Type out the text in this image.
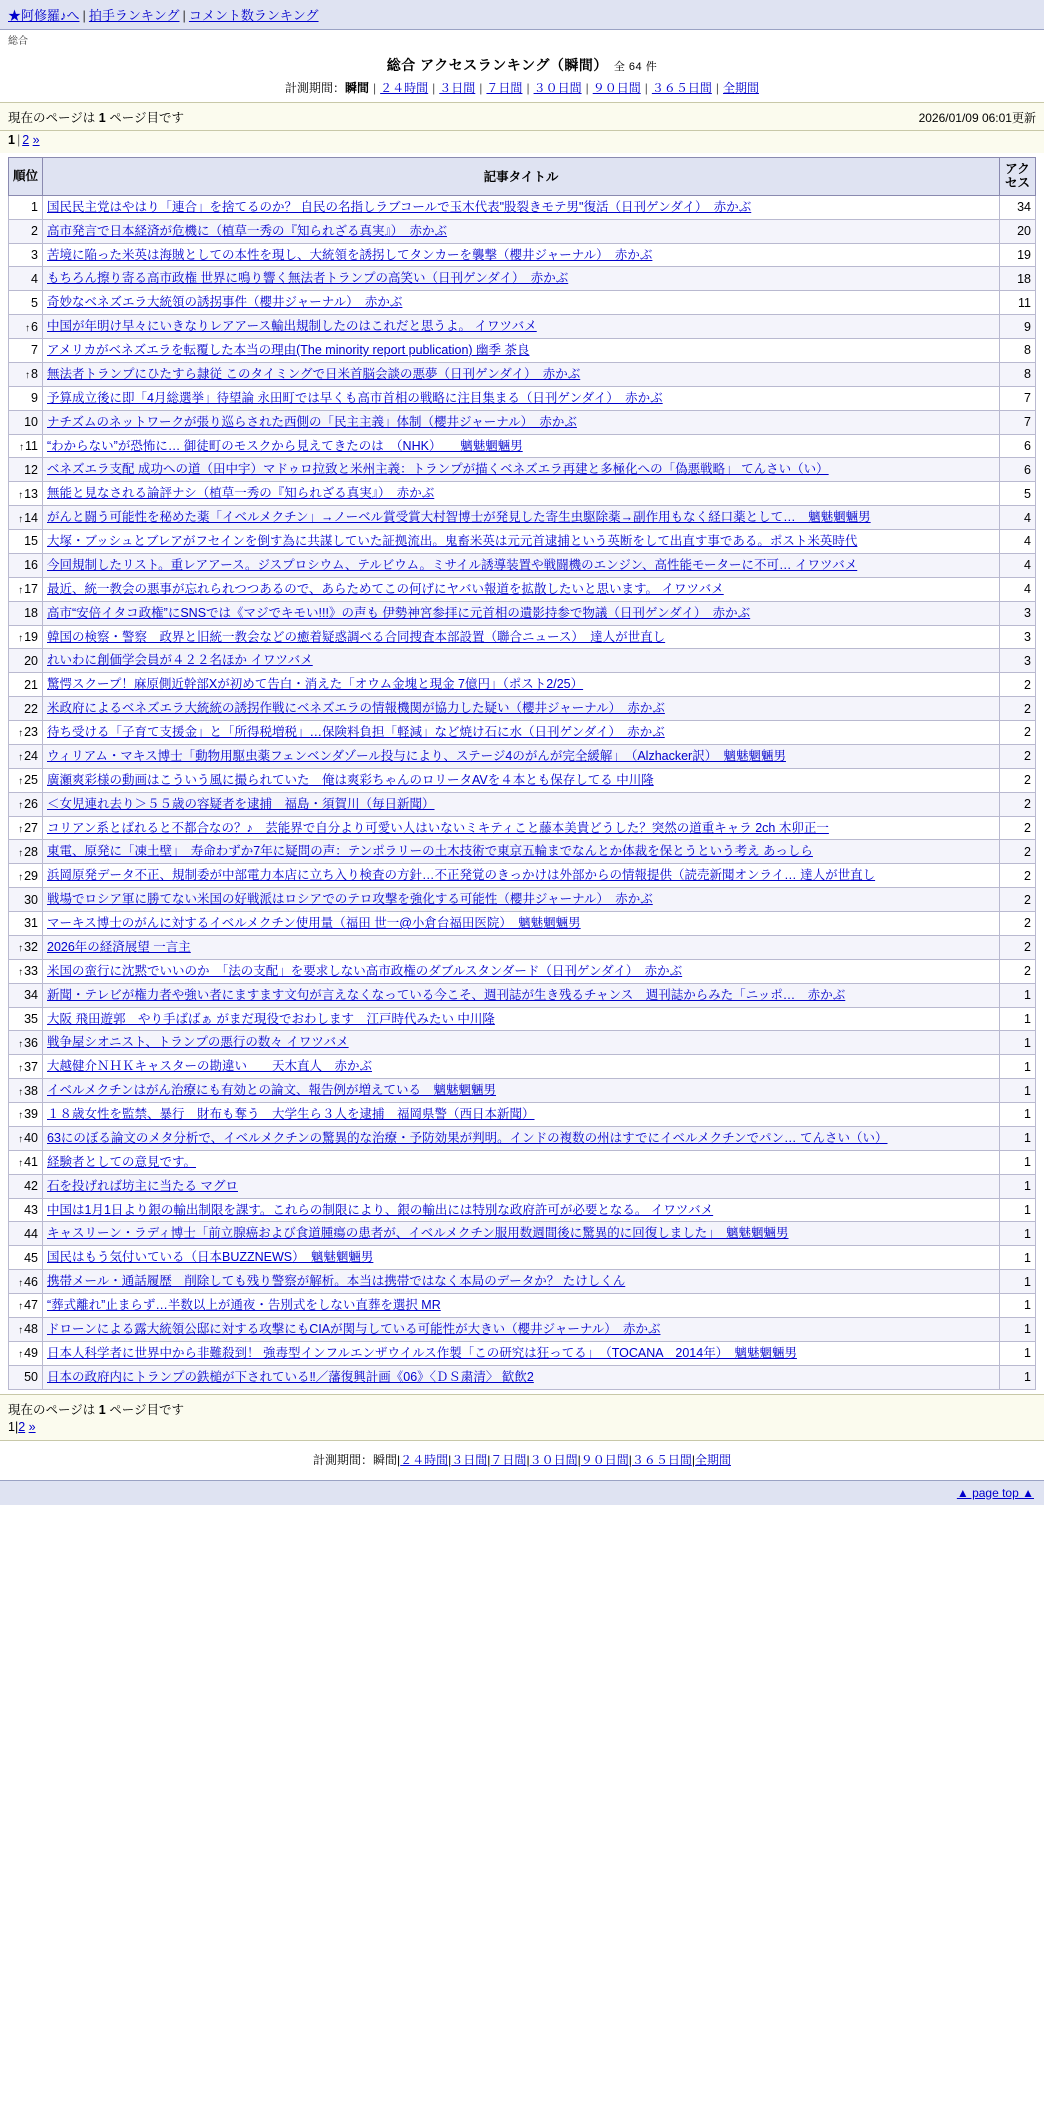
★阿修羅♪へ | 拍手ランキング | コメント数ランキング
総合
総合 アクセスランキング（瞬間） 全 64 件
計測期間：瞬間 | ２４時間 | ３日間 | ７日間 | ３０日間 | ９０日間 | ３６５日間 | 全期間
現在のページは 1 ページ目です	2026/01/09 06:01更新
1 | 2 »
順位	記事タイトル	アクセス
1	国民民主党はやはり「連合」を捨てるのか？ 自民の名指しラブコールで玉木代表"股裂きモテ男"復活（日刊ゲンダイ）　赤かぶ	34
2	高市発言で日本経済が危機に（植草一秀の『知られざる真実』）　赤かぶ	20
3	苦境に陥った米英は海賊としての本性を現し、大統領を誘拐してタンカーを襲撃（櫻井ジャーナル）　赤かぶ	19
4	もちろん擦り寄る高市政権 世界に鳴り響く無法者トランプの高笑い（日刊ゲンダイ）　赤かぶ	18
5	奇妙なベネズエラ大統領の誘拐事件（櫻井ジャーナル）　赤かぶ	11
↑6	中国が年明け早々にいきなりレアアース輸出規制したのはこれだと思うよ。 イワツバメ	9
7	アメリカがベネズエラを転覆した本当の理由(The minority report publication) 幽季 茶良	8
↑8	無法者トランプにひたすら隷従 このタイミングで日米首脳会談の悪夢（日刊ゲンダイ）　赤かぶ	8
9	予算成立後に即「4月総選挙」待望論 永田町では早くも高市首相の戦略に注目集まる（日刊ゲンダイ）　赤かぶ	7
10	ナチズムのネットワークが張り巡らされた西側の「民主主義」体制（櫻井ジャーナル）　赤かぶ	7
↑11	“わからない”が恐怖に… 御徒町のモスクから見えてきたのは　（NHK）　　魑魅魍魎男	6
12	ベネズエラ支配 成功への道（田中宇）マドゥロ拉致と米州主義：トランプが描くベネズエラ再建と多極化への「偽悪戦略」 てんさい（い）	6
↑13	無能と見なされる論評ナシ（植草一秀の『知られざる真実』）　赤かぶ	5
↑14	がんと闘う可能性を秘めた薬「イベルメクチン」→ノーベル賞受賞大村智博士が発見した寄生虫駆除薬→副作用もなく経口薬として…　魑魅魍魎男	4
15	大塚・ブッシュとブレアがフセインを倒す為に共謀していた証拠流出。鬼畜米英は元元首逮捕という英断をして出直す事である。ポスト米英時代	4
16	今回規制したリスト。重レアアース。ジスプロシウム、テルビウム。ミサイル誘導装置や戦闘機のエンジン、高性能モーターに不可… イワツバメ	4
↑17	最近、統一教会の悪事が忘れられつつあるので、あらためてこの何げにヤバい報道を拡散したいと思います。 イワツバメ	4
18	高市“安倍イタコ政権”にSNSでは《マジでキモい!!!》の声も 伊勢神宮参拝に元首相の遺影持参で物議（日刊ゲンダイ）　赤かぶ	3
↑19	韓国の検察・警察　政界と旧統一教会などの癒着疑惑調べる合同捜査本部設置（聯合ニュース）　達人が世直し	3
20	れいわに創価学会員が４２２名ほか イワツバメ	3
21	驚愕スクープ！麻原側近幹部Xが初めて告白・消えた「オウム金塊と現金 7億円」（ポスト2/25）	2
22	米政府によるベネズエラ大統統の誘拐作戦にベネズエラの情報機関が協力した疑い（櫻井ジャーナル）　赤かぶ	2
↑23	待ち受ける「子育て支援金」と「所得税増税」…保険料負担「軽減」など焼け石に水（日刊ゲンダイ）　赤かぶ	2
↑24	ウィリアム・マキス博士「動物用駆虫薬フェンベンダゾール投与により、ステージ4のがんが完全緩解」　（Alzhacker訳）　魑魅魍魎男	2
↑25	廣瀬爽彩様の動画はこういう風に撮られていた＿俺は爽彩ちゃんのロリータAVを４本とも保存してる 中川隆	2
↑26	＜女児連れ去り＞５５歳の容疑者を逮捕　福島・須賀川（毎日新聞）	2
↑27	コリアン系とばれると不都合なの？♪　芸能界で自分より可愛い人はいないミキティこと藤本美貴どうした？突然の道重キャラ 2ch 木卯正一	2
↑28	東電、原発に「凍土壁」　寿命わずか7年に疑問の声：テンポラリーの土木技術で東京五輪までなんとか体裁を保とうという考え あっしら	2
↑29	浜岡原発データ不正、規制委が中部電力本店に立ち入り検査の方針…不正発覚のきっかけは外部からの情報提供（読売新聞オンライ… 達人が世直し	2
30	戦場でロシア軍に勝てない米国の好戦派はロシアでのテロ攻撃を強化する可能性（櫻井ジャーナル）　赤かぶ	2
31	マーキス博士のがんに対するイベルメクチン使用量（福田 世一@小倉台福田医院）　魑魅魍魎男	2
↑32	2026年の経済展望 一言主	2
↑33	米国の蛮行に沈黙でいいのか　「法の支配」を要求しない高市政権のダブルスタンダード（日刊ゲンダイ）　赤かぶ	2
34	新聞・テレビが権力者や強い者にますます文句が言えなくなっている今こそ、週刊誌が生き残るチャンス　週刊誌からみた「ニッポ…　赤かぶ	1
35	大阪 飛田遊郭＿やり手ばばぁ がまだ現役でおわします　江戸時代みたい 中川隆	1
↑36	戦争屋シオニスト、トランプの悪行の数々 イワツバメ	1
↑37	大越健介ＮＨＫキャスターの勘違い　　天木直人　赤かぶ	1
↑38	イベルメクチンはがん治療にも有効との論文、報告例が増えている　魑魅魍魎男	1
↑39	１８歳女性を監禁、暴行　財布も奪う　大学生ら３人を逮捕　福岡県警（西日本新聞）	1
↑40	63にのぼる論文のメタ分析で、イベルメクチンの驚異的な治療・予防効果が判明。インドの複数の州はすでにイベルメクチンでパン… てんさい（い）	1
↑41	経験者としての意見です。	1
42	石を投げれば坊主に当たる マグロ	1
43	中国は1月1日より銀の輸出制限を課す。これらの制限により、銀の輸出には特別な政府許可が必要となる。 イワツバメ	1
44	キャスリーン・ラディ博士「前立腺癌および食道腫瘍の患者が、イベルメクチン服用数週間後に驚異的に回復しました」　魑魅魍魎男	1
45	国民はもう気付いている（日本BUZZNEWS）　魑魅魍魎男	1
↑46	携帯メール・通話履歴　削除しても残り警察が解析。本当は携帯ではなく本局のデータか？ たけしくん	1
↑47	“葬式離れ”止まらず…半数以上が通夜・告別式をしない直葬を選択 MR	1
↑48	ドローンによる露大統領公邸に対する攻撃にもCIAが関与している可能性が大きい（櫻井ジャーナル）　赤かぶ	1
↑49	日本人科学者に世界中から非難殺到！ 強毒型インフルエンザウイルス作製「この研究は狂ってる」　（TOCANA　2014年）　魑魅魍魎男	1
50	日本の政府内にトランプの鉄槌が下されている‼︎／藩復興計画《06》〈ＤＳ粛清〉 歓飲2	1
現在のページは 1 ページ目です
1|2 »
計測期間：瞬間|２４時間|３日間|７日間|３０日間|９０日間|３６５日間|全期間
▲ page top ▲
